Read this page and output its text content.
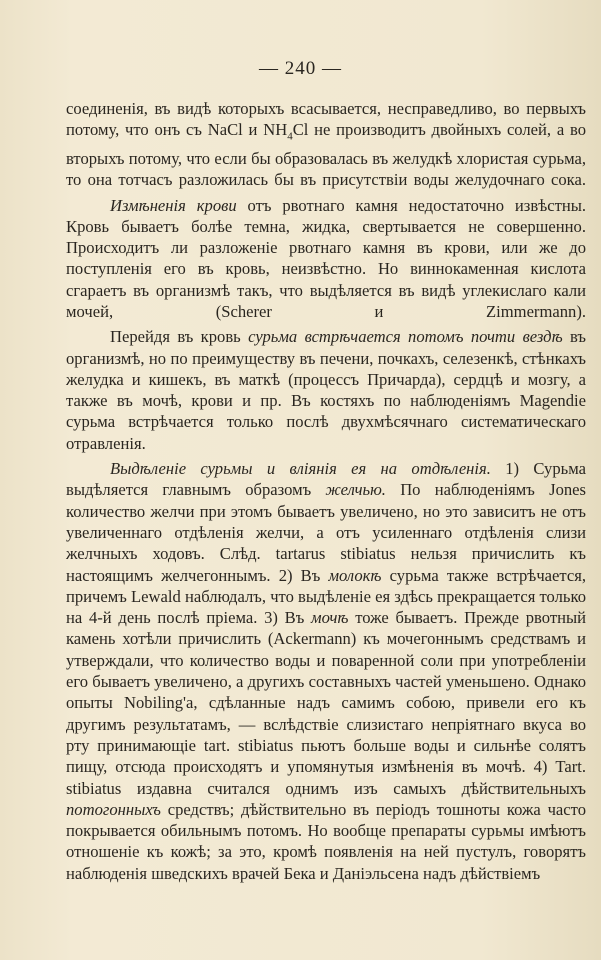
— 240 —

соединенія, въ видѣ которыхъ всасывается, несправедливо, во первыхъ потому, что онъ съ NaCl и $NH_4Cl$ не производитъ двойныхъ солей, а во вторыхъ потому, что если бы образовалась въ желудкѣ хлористая сурьма, то она тотчасъ разложилась бы въ присутствіи воды желудочнаго сока.

Измѣненія крови отъ рвотнаго камня недостаточно извѣстны. Кровь бываетъ болѣе темна, жидка, свертывается не совершенно. Происходитъ ли разложеніе рвотнаго камня въ крови, или же до поступленія его въ кровь, неизвѣстно. Но виннокаменная кислота сгараетъ въ организмѣ такъ, что выдѣляется въ видѣ углекислаго кали мочей, (Scherer и Zimmermann).

Перейдя въ кровь сурьма встрѣчается потомъ почти вездѣ въ организмѣ, но по преимуществу въ печени, почкахъ, селезенкѣ, стѣнкахъ желудка и кишекъ, въ маткѣ (процессъ Причарда), сердцѣ и мозгу, а также въ мочѣ, крови и пр. Въ костяхъ по наблюденіямъ Magendie сурьма встрѣчается только послѣ двухмѣсячнаго систематическаго отравленія.

Выдѣленіе сурьмы и вліянія ея на отдѣленія. 1) Сурьма выдѣляется главнымъ образомъ желчью. По наблюденіямъ Jones количество желчи при этомъ бываетъ увеличено, но это зависитъ не отъ увеличеннаго отдѣленія желчи, а отъ усиленнаго отдѣленія слизи желчныхъ ходовъ. Слѣд. tartarus stibiatus нельзя причислить къ настоящимъ желчегоннымъ. 2) Въ молокѣ сурьма также встрѣчается, причемъ Lewald наблюдалъ, что выдѣленіе ея здѣсь прекращается только на 4-й день послѣ пріема. 3) Въ мочѣ тоже бываетъ. Прежде рвотный камень хотѣли причислить (Ackermann) къ мочегоннымъ средствамъ и утверждали, что количество воды и поваренной соли при употребленіи его бываетъ увеличено, а другихъ составныхъ частей уменьшено. Однако опыты Nobiling'a, сдѣланные надъ самимъ собою, привели его къ другимъ результатамъ, — вслѣдствіе слизистаго непріятнаго вкуса во рту принимающіе tart. stibiatus пьютъ больше воды и сильнѣе солятъ пищу, отсюда происходятъ и упомянутыя измѣненія въ мочѣ. 4) Tart. stibiatus издавна считался однимъ изъ самыхъ дѣйствительныхъ потогонныхъ средствъ; дѣйствительно въ періодъ тошноты кожа часто покрывается обильнымъ потомъ. Но вообще препараты сурьмы имѣютъ отношеніе къ кожѣ; за это, кромѣ появленія на ней пустулъ, говорятъ наблюденія шведскихъ врачей Бека и Даніэльсена надъ дѣйствіемъ
